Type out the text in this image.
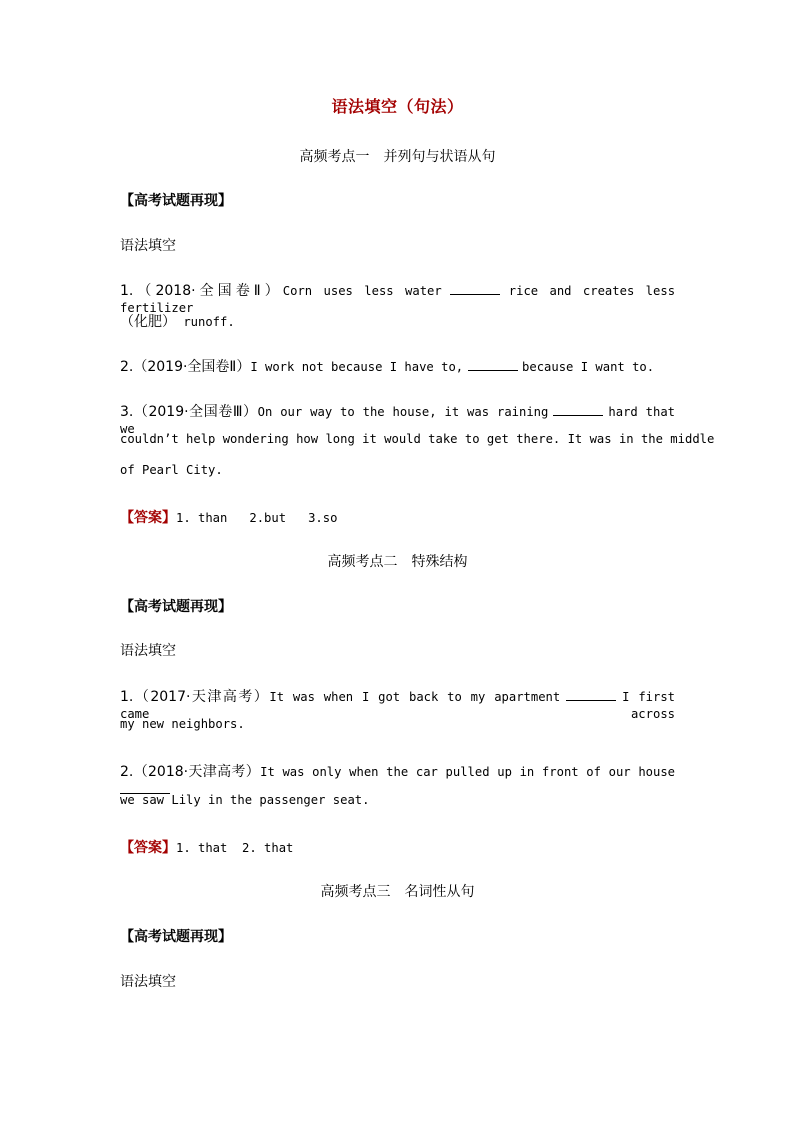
语法填空（句法）
高频考点一　并列句与状语从句
【高考试题再现】
语法填空
1.（2018·全国卷Ⅱ）Corn uses less water	rice and creates less fertilizer
（化肥） runoff.
2.（2019·全国卷Ⅱ）I work not because I have to,	because I want to.
3.（2019·全国卷Ⅲ）On our way to the house, it was raining	hard that we
couldn’t help wondering how long it would take to get there. It was in the middle
of Pearl City.
【答案】1. than   2.but   3.so
高频考点二　特殊结构
【高考试题再现】
语法填空
1.（2017·天津高考）It was when I got back to my apartment	I first came across
my new neighbors.
2.（2018·天津高考）It was only when the car pulled up in front of our house
we saw Lily in the passenger seat.
【答案】1. that  2. that
高频考点三　名词性从句
【高考试题再现】
语法填空
